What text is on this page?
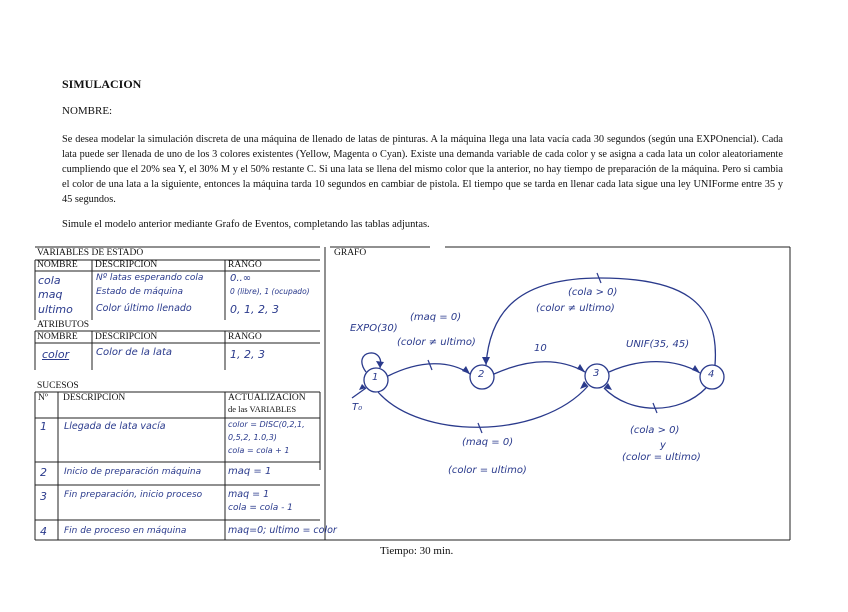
SIMULACION
NOMBRE:
Se desea modelar la simulación discreta de una máquina de llenado de latas de pinturas. A la máquina llega una lata vacía cada 30 segundos (según una EXPOnencial). Cada lata puede ser llenada de uno de los 3 colores existentes (Yellow, Magenta o Cyan). Existe una demanda variable de cada color y se asigna a cada lata un color aleatoriamente cumpliendo que el 20% sea Y, el 30% M y el 50% restante C. Si una lata se llena del mismo color que la anterior, no hay tiempo de preparación de la máquina. Pero si cambia el color de una lata a la siguiente, entonces la máquina tarda 10 segundos en cambiar de pistola. El tiempo que se tarda en llenar cada lata sigue una ley UNIForme entre 35 y 45 segundos.
Simule el modelo anterior mediante Grafo de Eventos, completando las tablas adjuntas.
VARIABLES DE ESTADO
NOMBRE DESCRIPCION	RANGO
cola	Nº latas esperando cola	0..∞
maq	Estado de máquina	0 (libre), 1 (ocupado)
ultimo Color último llenado	0, 1, 2, 3
ATRIBUTOS
NOMBRE DESCRIPCION	RANGO
color	Color de la lata	1, 2, 3
SUCESOS
Nº DESCRIPCION	ACTUALIZACION
de las VARIABLES
1 Llegada de lata vacía	color = DISC(0,2,1,
0,5,2, 1.0,3)
cola = cola + 1
2 Inicio de preparación máquina	maq = 1
3 Fin preparación, inicio proceso	maq = 1
cola = cola - 1
4 Fin de proceso en máquina	maq=0; ultimo = color
GRAFO
1	2	3	4
EXPO(30)
T₀
(maq = 0)
(color ≠ ultimo)
10	UNIF(35, 45)
(cola > 0)
(color ≠ ultimo)
(maq = 0)
(color = ultimo)
(cola > 0)
y
(color = ultimo)
Tiempo: 30 min.
